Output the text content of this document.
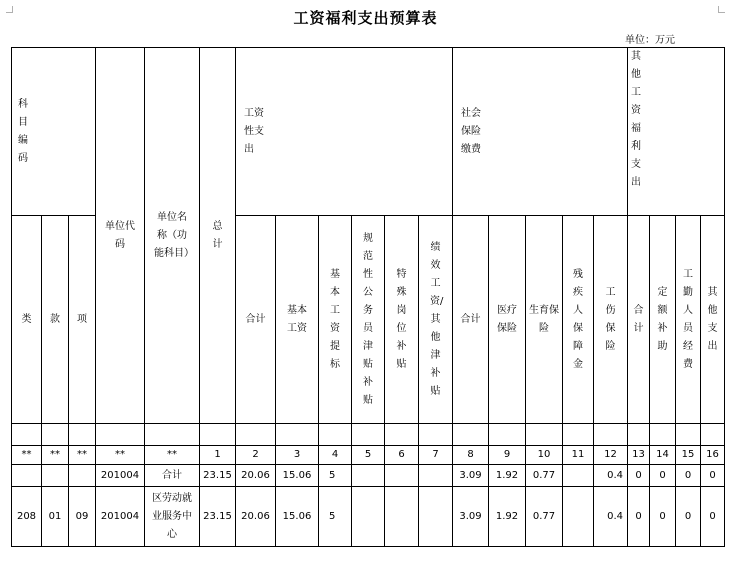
工资福利支出预算表
单位：万元
科目编码			单位代码	单位名称（功能科目）	总计	工资性支出						社会保险缴费					其他工资福利支出			
类	款	项				合计	基本工资	基本工资提标	规范性公务员津贴补贴	特殊岗位补贴	绩效工资/其他津补贴	合计	医疗保险	生育保险	残疾人保障金	工伤保险	合计	定额补助	工勤人员经费	其他支出

**	**	**	**	**	1	2	3	4	5	6	7	8	9	10	11	12	13	14	15	16
			201004	合计	23.15	20.06	15.06	5				3.09	1.92	0.77		0.4	0	0	0	0
208	01	09	201004	区劳动就业服务中心	23.15	20.06	15.06	5				3.09	1.92	0.77		0.4	0	0	0	0
